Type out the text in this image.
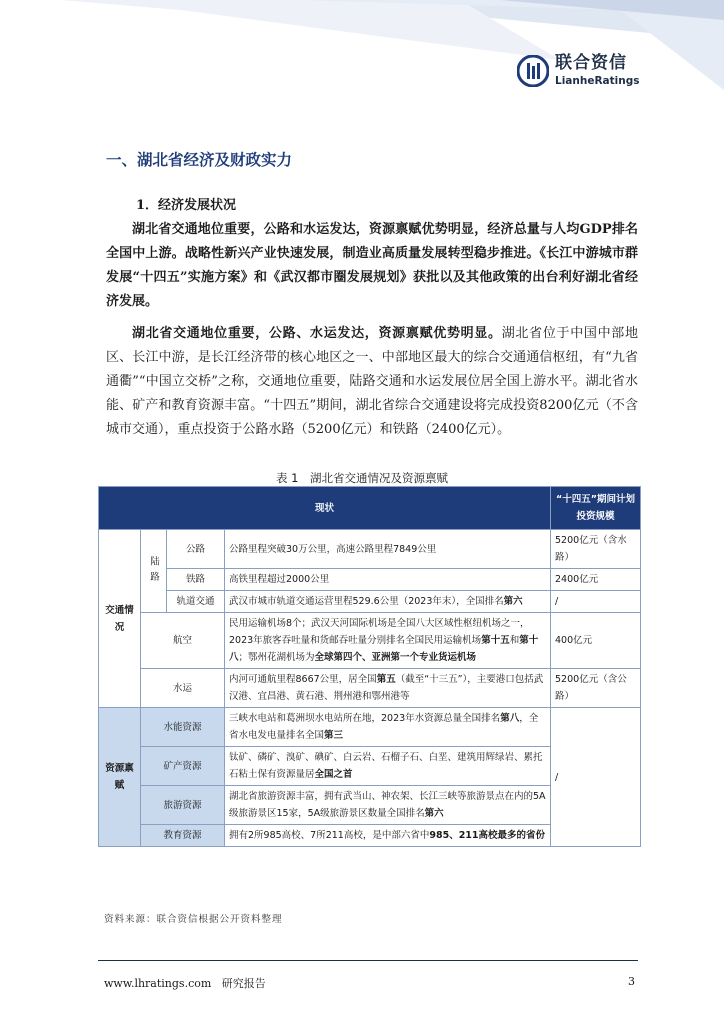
联合资信
LianheRatings
一、湖北省经济及财政实力
1．经济发展状况

湖北省交通地位重要，公路和水运发达，资源禀赋优势明显，经济总量与人均GDP排名全国中上游。战略性新兴产业快速发展，制造业高质量发展转型稳步推进。《长江中游城市群发展“十四五”实施方案》和《武汉都市圈发展规划》获批以及其他政策的出台利好湖北省经济发展。

湖北省交通地位重要，公路、水运发达，资源禀赋优势明显。湖北省位于中国中部地区、长江中游，是长江经济带的核心地区之一、中部地区最大的综合交通通信枢纽，有“九省通衢”“中国立交桥”之称，交通地位重要，陆路交通和水运发展位居全国上游水平。湖北省水能、矿产和教育资源丰富。“十四五”期间，湖北省综合交通建设将完成投资8200亿元（不含城市交通），重点投资于公路水路（5200亿元）和铁路（2400亿元）。

表 1　湖北省交通情况及资源禀赋
现状				“十四五”期间计划投资规模
交通情况	陆路	公路	公路里程突破30万公里，高速公路里程7849公里	5200亿元（含水路）
		铁路	高铁里程超过2000公里	2400亿元
		轨道交通	武汉市城市轨道交通运营里程529.6公里（2023年末），全国排名第六	/
	航空		民用运输机场8个；武汉天河国际机场是全国八大区域性枢纽机场之一，2023年旅客吞吐量和货邮吞吐量分别排名全国民用运输机场第十五和第十八；鄂州花湖机场为全球第四个、亚洲第一个专业货运机场	400亿元
	水运		内河可通航里程8667公里，居全国第五（截至“十三五”），主要港口包括武汉港、宜昌港、黄石港、荆州港和鄂州港等	5200亿元（含公路）
资源禀赋	水能资源		三峡水电站和葛洲坝水电站所在地，2023年水资源总量全国排名第八，全省水电发电量排名全国第三	/
	矿产资源		钛矿、磷矿、溴矿、碘矿、白云岩、石榴子石、白垩、建筑用辉绿岩、累托石粘土保有资源量居全国之首	
	旅游资源		湖北省旅游资源丰富，拥有武当山、神农架、长江三峡等旅游景点在内的5A级旅游景区15家，5A级旅游景区数量全国排名第六	
	教育资源		拥有2所985高校、7所211高校，是中部六省中985、211高校最多的省份	
资料来源：联合资信根据公开资料整理
www.lhratings.com 研究报告	3
